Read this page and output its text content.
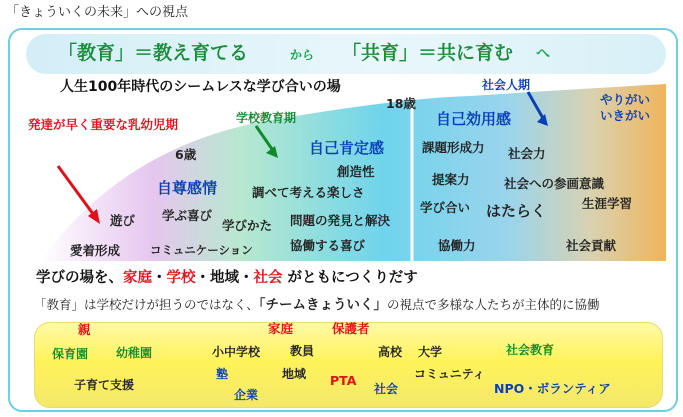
「きょういくの未来」への視点
「教育」＝教え育てる	から 「共育」＝共に育む へ
人生100年時代のシームレスな学び合いの場
18歳
6歳
発達が早く重要な乳幼児期	学校教育期
社会人期
自尊感情
自己肯定感
自己効用感
やりがい
いきがい
遊び
愛着形成
学ぶ喜び
学びかた
コミュニケーション
調べて考える楽しさ
創造性
問題の発見と解決
協働する喜び
課題形成力 社会力
提案力	社会への参画意識
学び合い はたらく	生涯学習
協働力	社会貢献
学びの場を、家庭・学校・地域・社会 がともにつくりだす
「教育」は学校だけが担うのではなく、「チームきょういく」の視点で多様な人たちが主体的に協働
親
保育園 幼稚園
子育て支援
家庭
小中学校 教員
塾	地域
企業
保護者
PTA
高校 大学
コミュニティ
社会
社会教育
NPO・ボランティア
